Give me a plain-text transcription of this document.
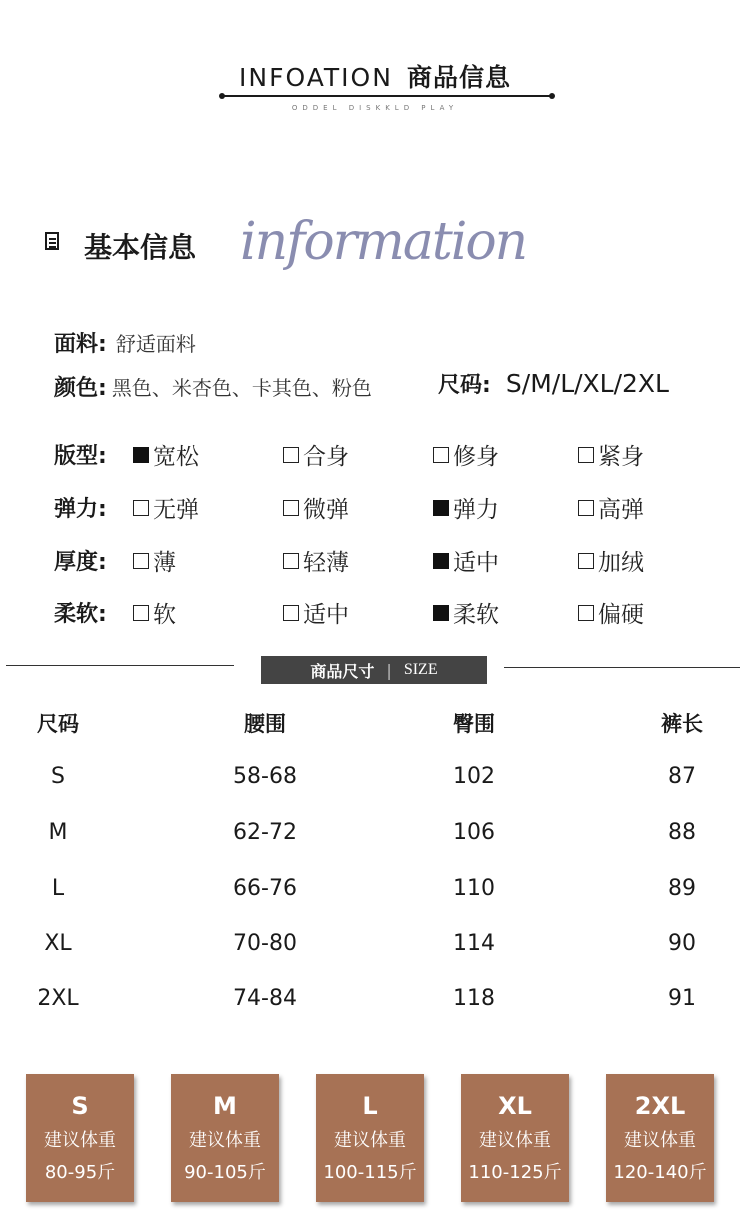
INFOATION 商品信息
ODDEL DISKKLD PLAY
基本信息 information
面料: 舒适面料
颜色: 黑色、米杏色、卡其色、粉色	尺码: S/M/L/XL/2XL
版型: 宽松	合身	修身	紧身
弹力: 无弹	微弹	弹力	高弹
厚度: 薄	轻薄	适中	加绒
柔软: 软	适中	柔软	偏硬
商品尺寸 | SIZE
尺码	腰围	臀围	裤长
S	58-68	102	87
M	62-72	106	88
L	66-76	110	89
XL	70-80	114	90
2XL	74-84	118	91
S
建议体重
80-95斤
M
建议体重
90-105斤
L
建议体重
100-115斤
XL
建议体重
110-125斤
2XL
建议体重
120-140斤
